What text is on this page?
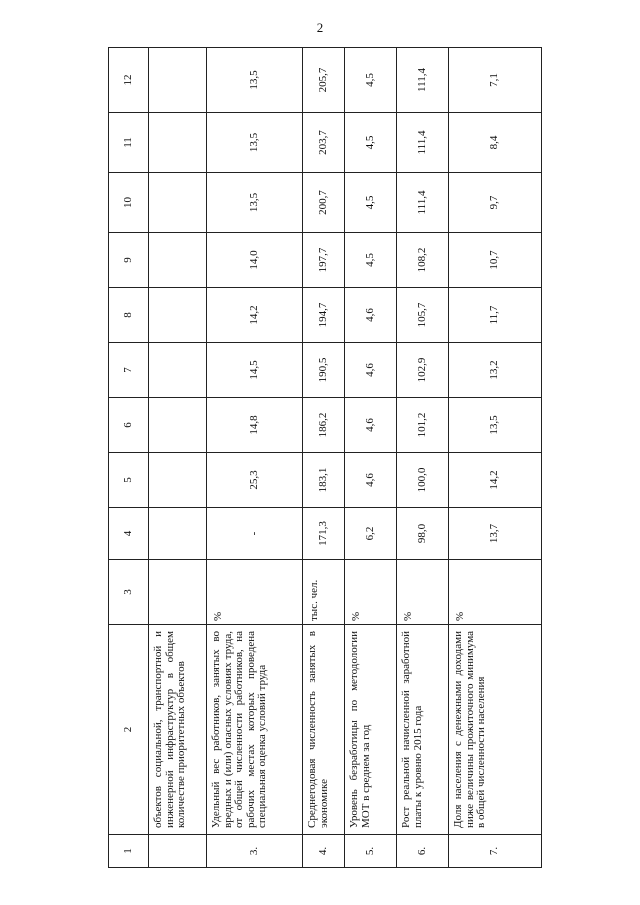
2
1	2	3	4	5	6	7	8	9	10	11	12
	объектов социальной, транспортной и инженерной инфраструктур в общем количестве приоритетных объектов										
3.	Удельный вес работников, занятых во вредных и (или) опасных условиях труда, от общей численности работников, на рабочих местах которых проведена специальная оценка условий труда	%	-	25,3	14,8	14,5	14,2	14,0	13,5	13,5	13,5
4.	Среднегодовая численность занятых в экономике	тыс. чел.	171,3	183,1	186,2	190,5	194,7	197,7	200,7	203,7	205,7
5.	Уровень безработицы по методологии МОТ в среднем за год	%	6,2	4,6	4,6	4,6	4,6	4,5	4,5	4,5	4,5
6.	Рост реальной начисленной заработной платы к уровню 2015 года	%	98,0	100,0	101,2	102,9	105,7	108,2	111,4	111,4	111,4
7.	Доля населения с денежными доходами ниже величины прожиточного минимума в общей численности населения	%	13,7	14,2	13,5	13,2	11,7	10,7	9,7	8,4	7,1
